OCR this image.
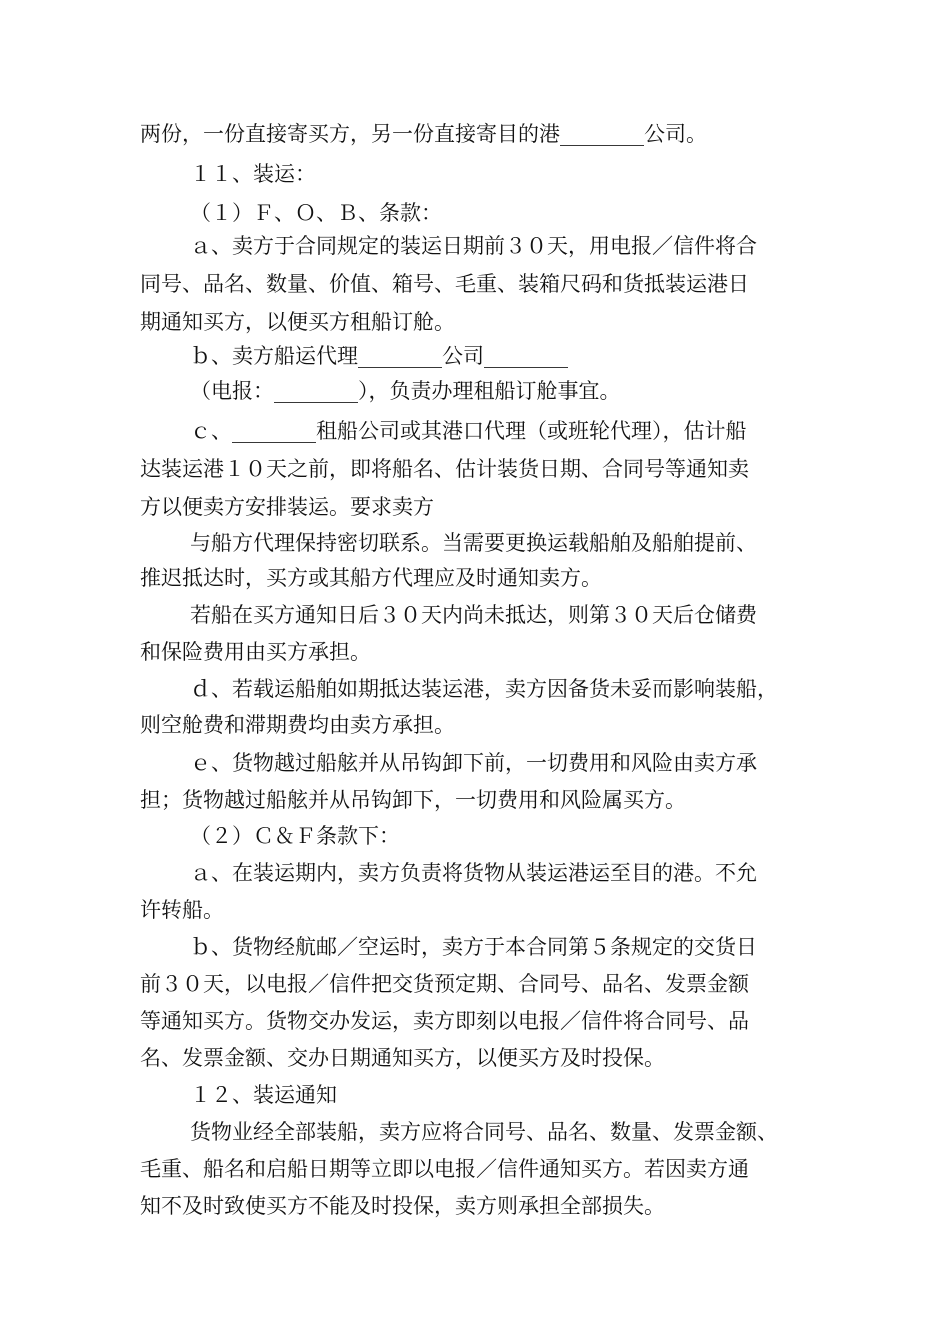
两份，一份直接寄买方，另一份直接寄目的港________公司。
１１、装运：
（１）Ｆ、Ｏ、Ｂ、条款：
ａ、卖方于合同规定的装运日期前３０天，用电报／信件将合
同号、品名、数量、价值、箱号、毛重、装箱尺码和货抵装运港日
期通知买方，以便买方租船订舱。
ｂ、卖方船运代理________公司________
（电报：________），负责办理租船订舱事宜。
ｃ、________租船公司或其港口代理（或班轮代理），估计船
达装运港１０天之前，即将船名、估计装货日期、合同号等通知卖
方以便卖方安排装运。要求卖方
与船方代理保持密切联系。当需要更换运载船舶及船舶提前、
推迟抵达时，买方或其船方代理应及时通知卖方。
若船在买方通知日后３０天内尚未抵达，则第３０天后仓储费
和保险费用由买方承担。
ｄ、若载运船舶如期抵达装运港，卖方因备货未妥而影响装船，
则空舱费和滞期费均由卖方承担。
ｅ、货物越过船舷并从吊钩卸下前，一切费用和风险由卖方承
担；货物越过船舷并从吊钩卸下，一切费用和风险属买方。
（２）Ｃ＆Ｆ条款下：
ａ、在装运期内，卖方负责将货物从装运港运至目的港。不允
许转船。
ｂ、货物经航邮／空运时，卖方于本合同第５条规定的交货日
前３０天，以电报／信件把交货预定期、合同号、品名、发票金额
等通知买方。货物交办发运，卖方即刻以电报／信件将合同号、品
名、发票金额、交办日期通知买方，以便买方及时投保。
１２、装运通知
货物业经全部装船，卖方应将合同号、品名、数量、发票金额、
毛重、船名和启船日期等立即以电报／信件通知买方。若因卖方通
知不及时致使买方不能及时投保，卖方则承担全部损失。
